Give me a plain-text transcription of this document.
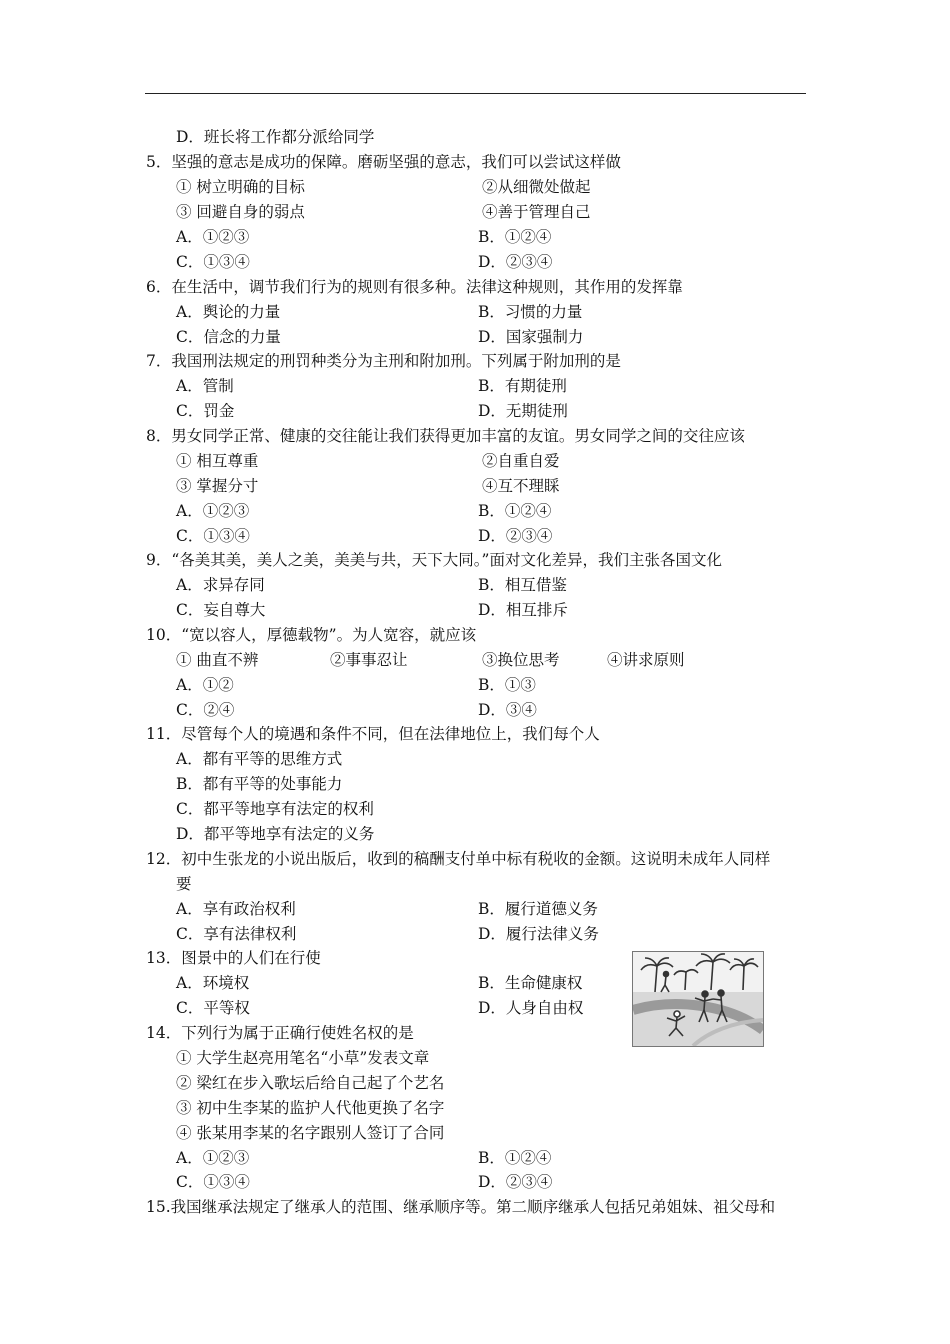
D．班长将工作都分派给同学
5．坚强的意志是成功的保障。磨砺坚强的意志，我们可以尝试这样做
① 树立明确的目标	②从细微处做起
③ 回避自身的弱点	④善于管理自己
A．①②③	B．①②④
C．①③④	D．②③④
6．在生活中，调节我们行为的规则有很多种。法律这种规则，其作用的发挥靠
A．舆论的力量	B．习惯的力量
C．信念的力量	D．国家强制力
7．我国刑法规定的刑罚种类分为主刑和附加刑。下列属于附加刑的是
A．管制	B．有期徒刑
C．罚金	D．无期徒刑
8．男女同学正常、健康的交往能让我们获得更加丰富的友谊。男女同学之间的交往应该
① 相互尊重	②自重自爱
③ 掌握分寸	④互不理睬
A．①②③	B．①②④
C．①③④	D．②③④
9．“各美其美，美人之美，美美与共，天下大同。”面对文化差异，我们主张各国文化
A．求异存同	B．相互借鉴
C．妄自尊大	D．相互排斥
10．“宽以容人，厚德载物”。为人宽容，就应该
① 曲直不辨	②事事忍让	③换位思考	④讲求原则
A．①②	B．①③
C．②④	D．③④
11．尽管每个人的境遇和条件不同，但在法律地位上，我们每个人
A．都有平等的思维方式
B．都有平等的处事能力
C．都平等地享有法定的权利
D．都平等地享有法定的义务
12．初中生张龙的小说出版后，收到的稿酬支付单中标有税收的金额。这说明未成年人同样
要
A．享有政治权利	B．履行道德义务
C．享有法律权利	D．履行法律义务
13．图景中的人们在行使
A．环境权	B．生命健康权
C．平等权	D．人身自由权
14．下列行为属于正确行使姓名权的是
① 大学生赵亮用笔名“小草”发表文章
② 梁红在步入歌坛后给自己起了个艺名
③ 初中生李某的监护人代他更换了名字
④ 张某用李某的名字跟别人签订了合同
A．①②③	B．①②④
C．①③④	D．②③④
15.我国继承法规定了继承人的范围、继承顺序等。第二顺序继承人包括兄弟姐妹、祖父母和
